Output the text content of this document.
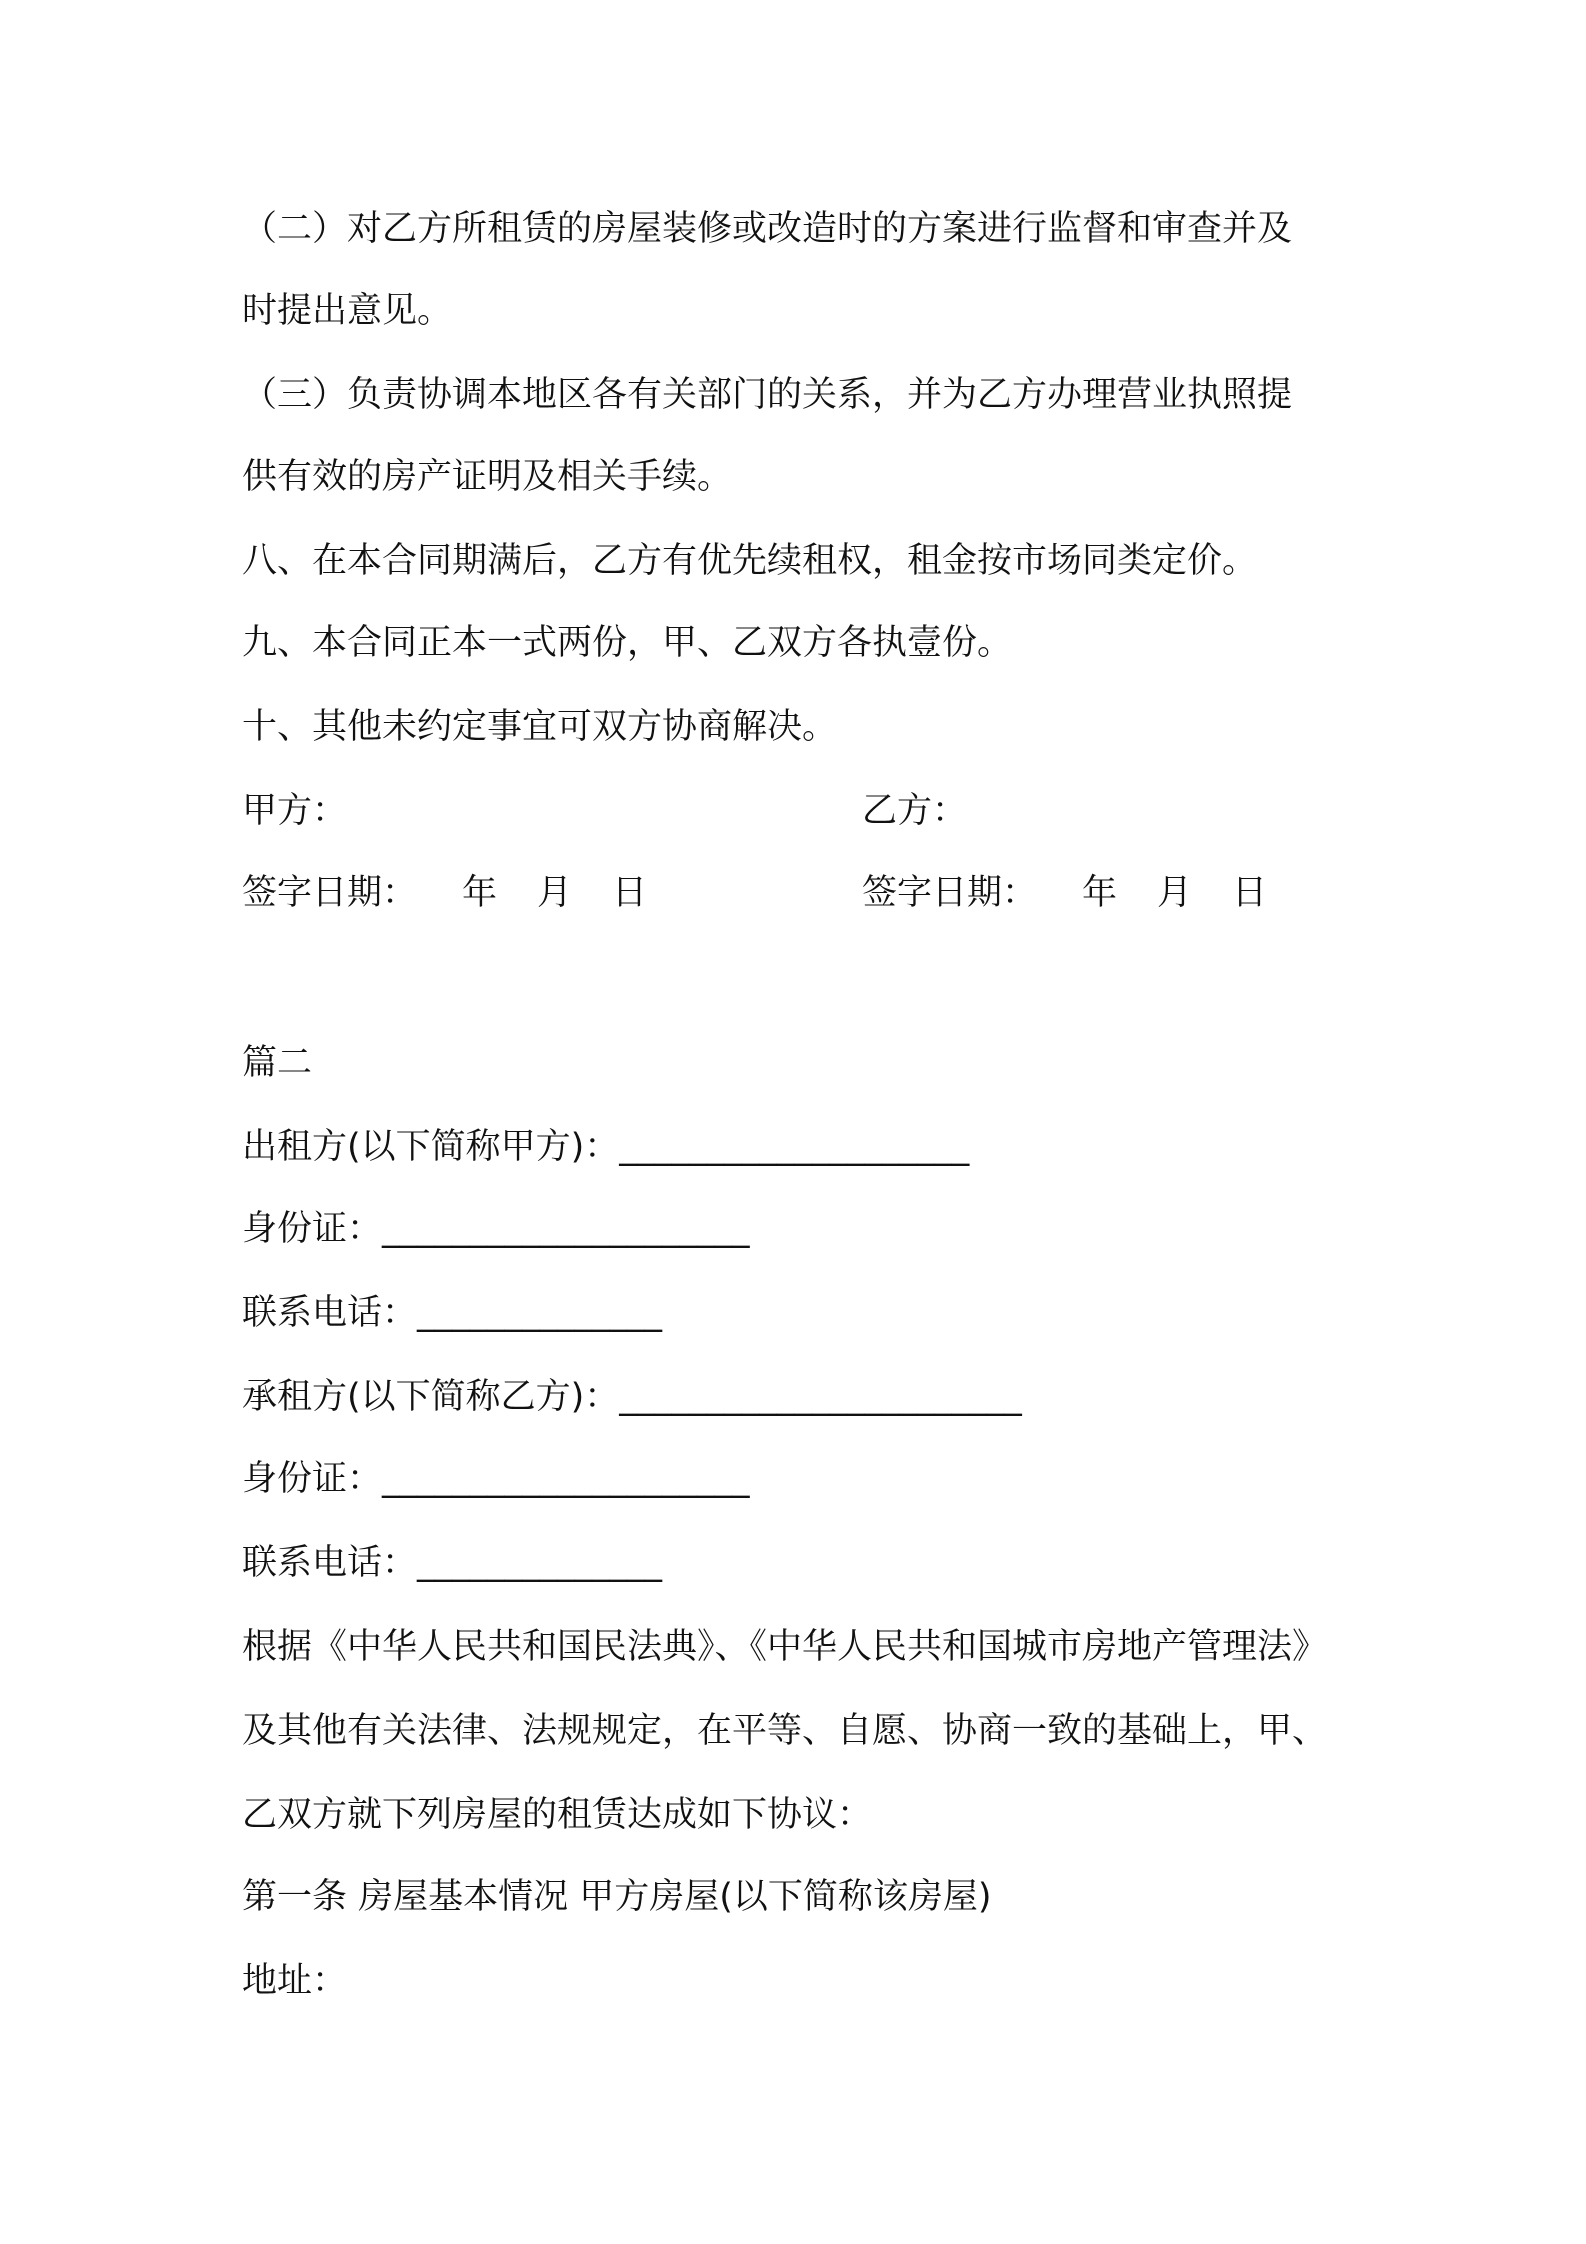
（二）对乙方所租赁的房屋装修或改造时的方案进行监督和审查并及
时提出意见。
（三）负责协调本地区各有关部门的关系，并为乙方办理营业执照提
供有效的房产证明及相关手续。
八、在本合同期满后，乙方有优先续租权，租金按市场同类定价。
九、本合同正本一式两份，甲、乙双方各执壹份。
十、其他未约定事宜可双方协商解决。
甲方：	乙方：
签字日期： 年 月 日	签字日期： 年 月 日
篇二
出租方(以下简称甲方)：____________________
身份证：_____________________
联系电话：______________
承租方(以下简称乙方)：_______________________
身份证：_____________________
联系电话：______________
根据《中华人民共和国民法典》、《中华人民共和国城市房地产管理法》
及其他有关法律、法规规定，在平等、自愿、协商一致的基础上，甲、
乙双方就下列房屋的租赁达成如下协议：
第一条 房屋基本情况 甲方房屋(以下简称该房屋)
地址：
